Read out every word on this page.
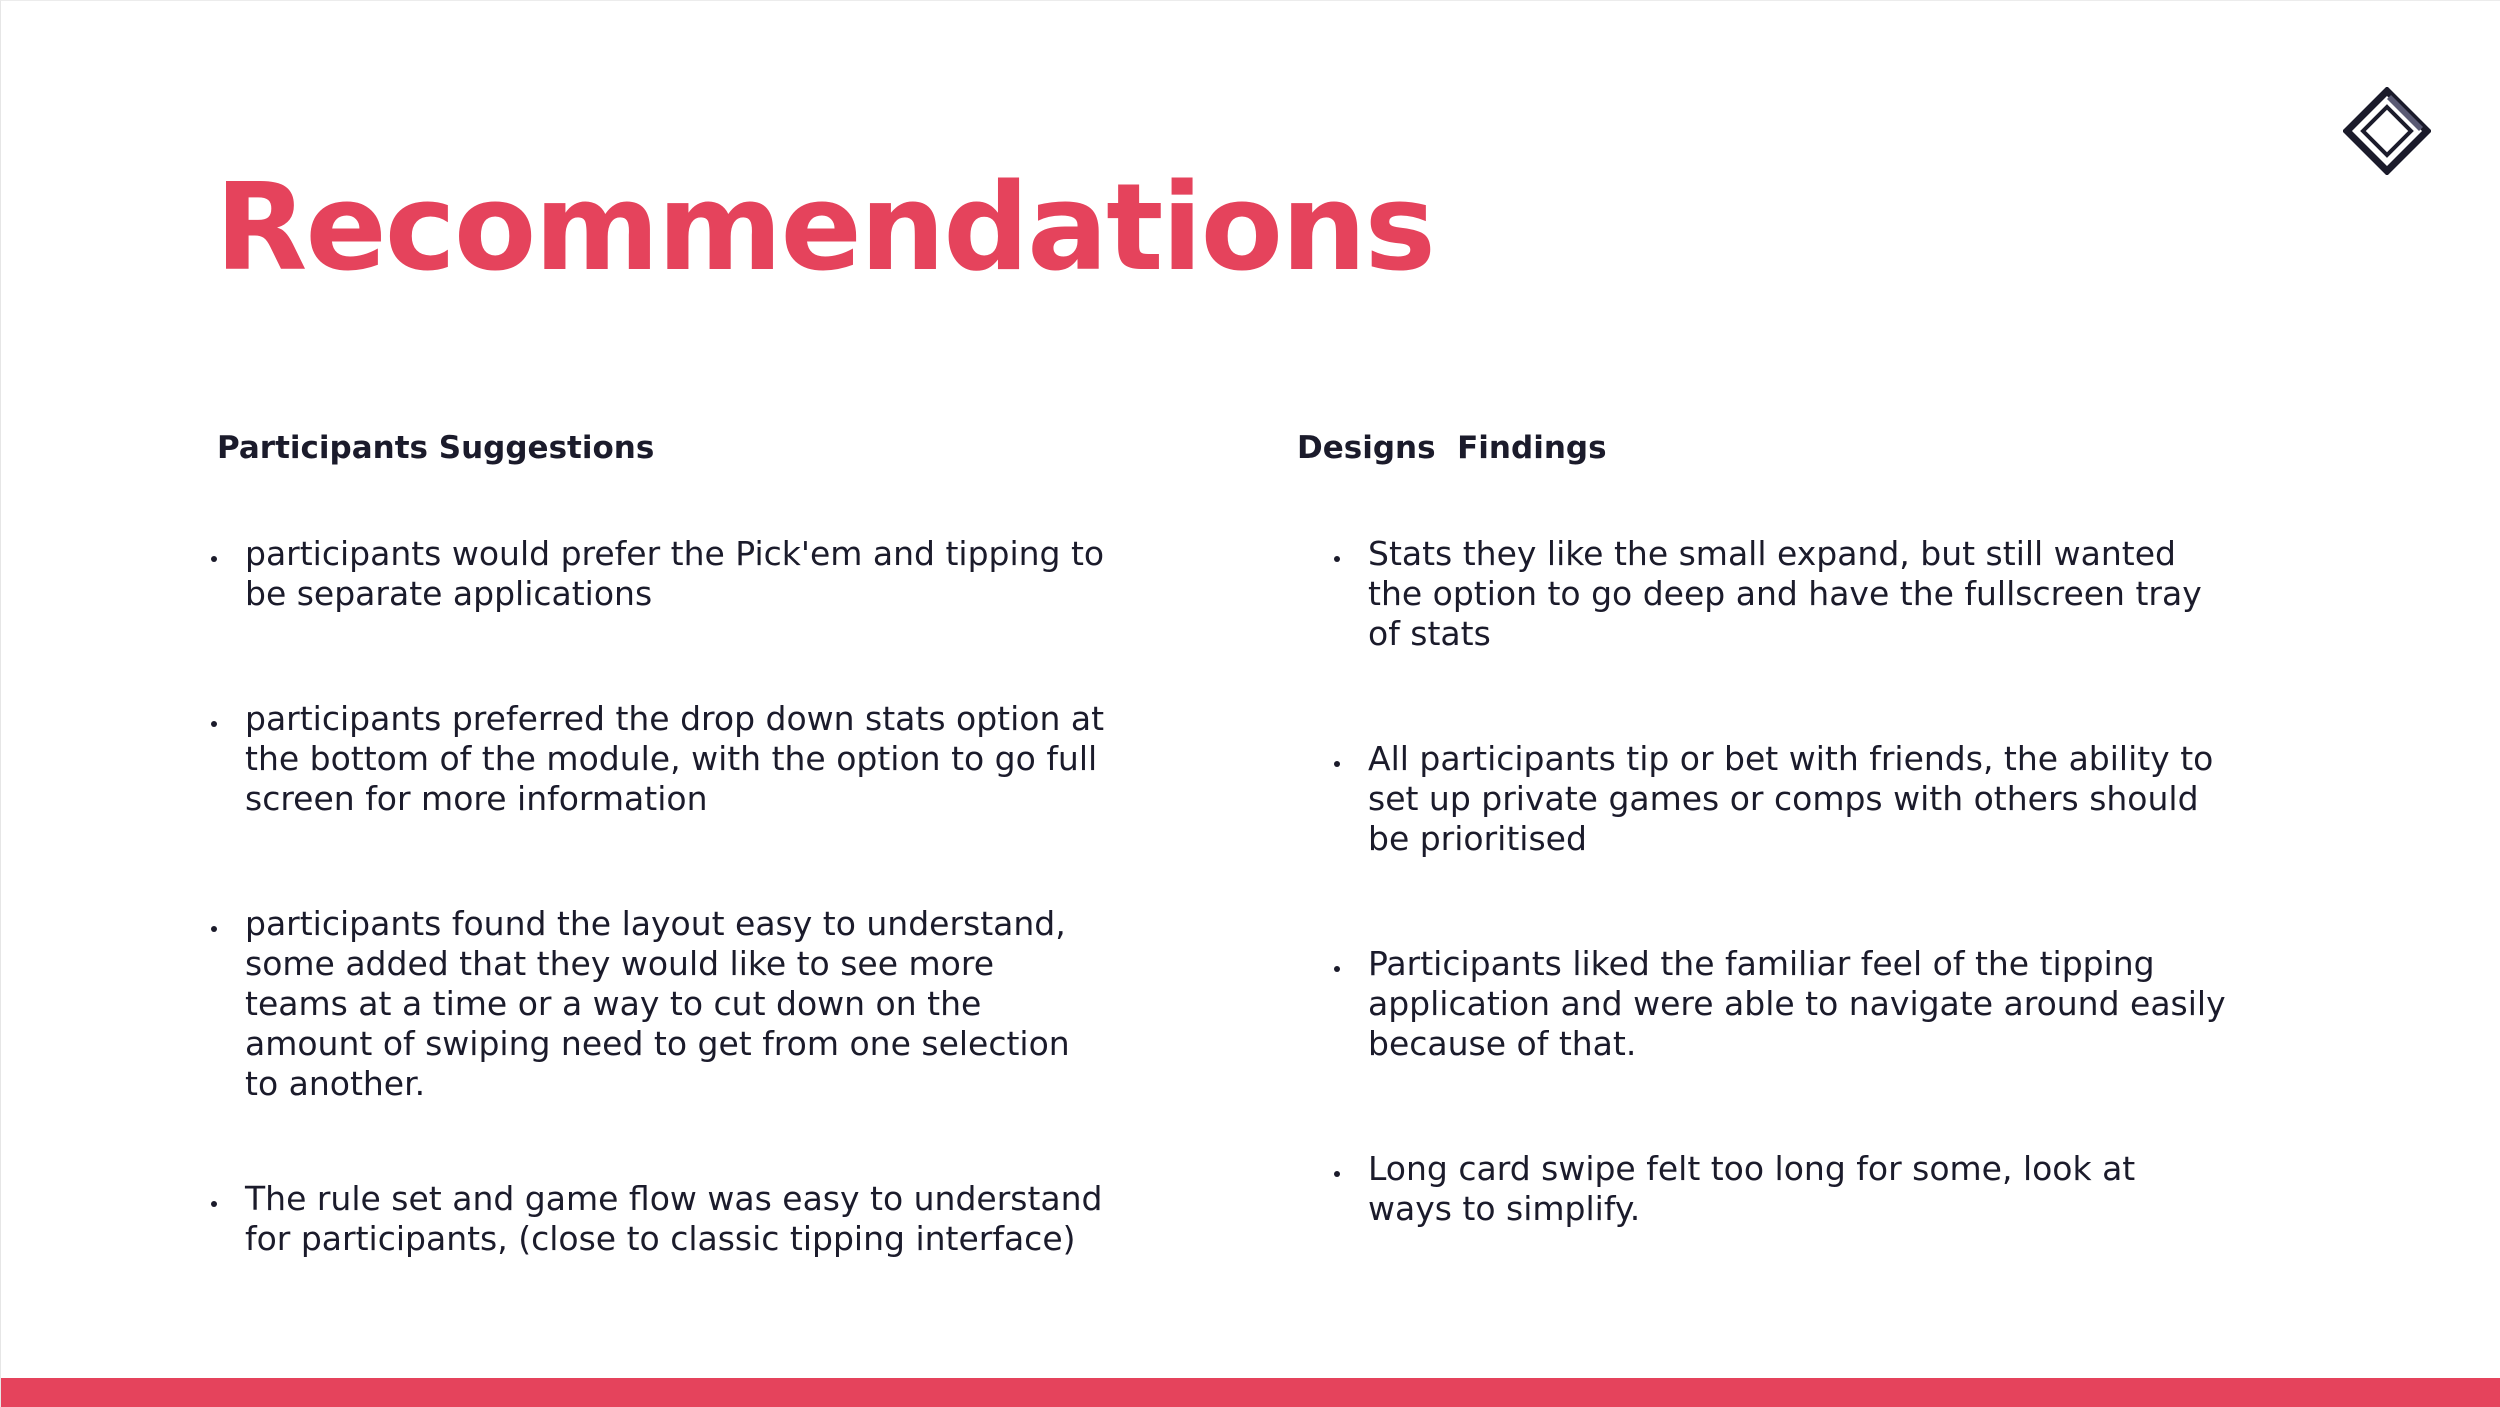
Recommendations
Participants Suggestions	Designs  Findings
participants would prefer the Pick'em and tipping to be separate applications
participants preferred the drop down stats option at the bottom of the module, with the option to go full screen for more information
participants found the layout easy to understand, some added that they would like to see more teams at a time or a way to cut down on the amount of swiping need to get from one selection to another.
The rule set and game flow was easy to understand for participants, (close to classic tipping interface)
Stats they like the small expand, but still wanted the option to go deep and have the fullscreen tray of stats
All participants tip or bet with friends, the ability to set up private games or comps with others should be prioritised
Participants liked the familiar feel of the tipping application and were able to navigate around easily because of that.
Long card swipe felt too long for some, look at ways to simplify.
